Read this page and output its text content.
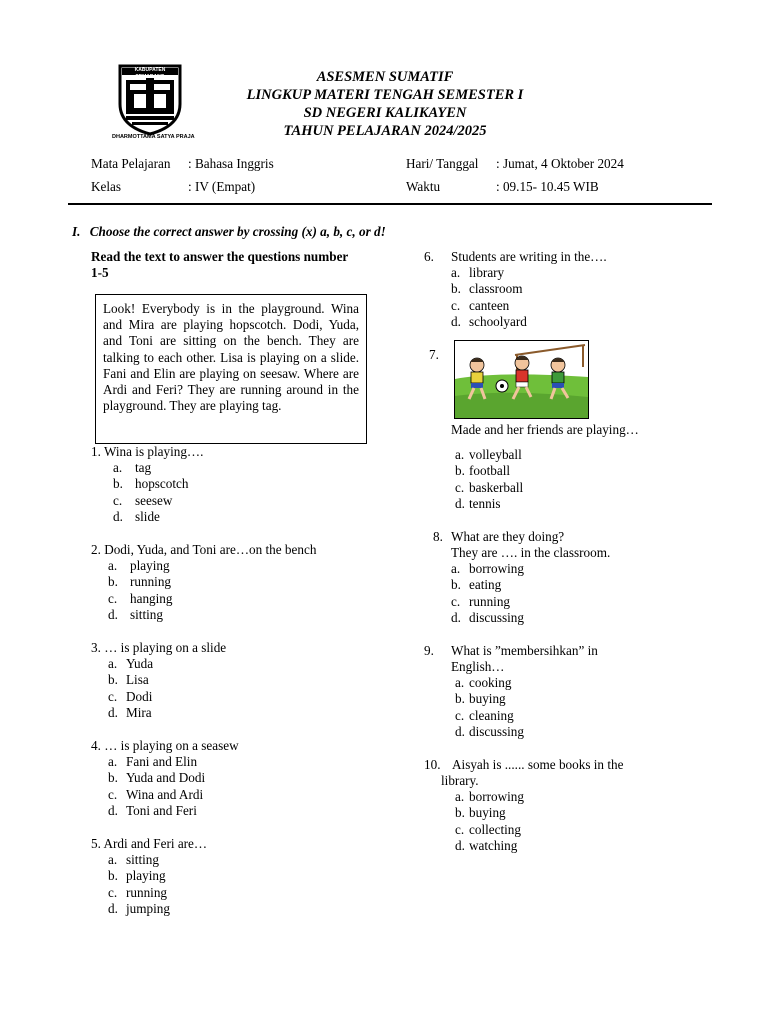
KABUPATEN SEMARANG
DHARMOTTAMA SATYA PRAJA
ASESMEN SUMATIF
LINGKUP MATERI TENGAH SEMESTER I
SD NEGERI KALIKAYEN
TAHUN PELAJARAN 2024/2025
Mata Pelajaran : Bahasa Inggris
Kelas	: IV (Empat)
Hari/ Tanggal : Jumat, 4 Oktober 2024
Waktu	: 09.15- 10.45 WIB
I. Choose the correct answer by crossing (x) a, b, c, or d!
Read the text to answer the questions number 1-5
Look! Everybody is in the playground. Wina and Mira are playing hopscotch. Dodi, Yuda, and Toni are sitting on the bench. They are talking to each other. Lisa is playing on a slide. Fani and Elin are playing on seesaw. Where are Ardi and Feri? They are running around in the playground. They are playing tag.
1. Wina is playing….
a. tag
b. hopscotch
c. seesew
d. slide
2. Dodi, Yuda, and Toni are…on the bench
a. playing
b. running
c. hanging
d. sitting
3. … is playing on a slide
a. Yuda
b. Lisa
c. Dodi
d. Mira
4. … is playing on a seasew
a. Fani and Elin
b. Yuda and Dodi
c. Wina and Ardi
d. Toni and Feri
5. Ardi and Feri are…
a. sitting
b. playing
c. running
d. jumping
6. Students are writing in the….
a. library
b. classroom
c. canteen
d. schoolyard
7.
Made and her friends are playing…
a. volleyball
b. football
c. baskerball
d. tennis
8. What are they doing?
They are …. in the classroom.
a. borrowing
b. eating
c. running
d. discussing
9. What is ”membersihkan” in
English…
a. cooking
b. buying
c. cleaning
d. discussing
10. Aisyah is ...... some books in the
library.
a. borrowing
b. buying
c. collecting
d. watching
